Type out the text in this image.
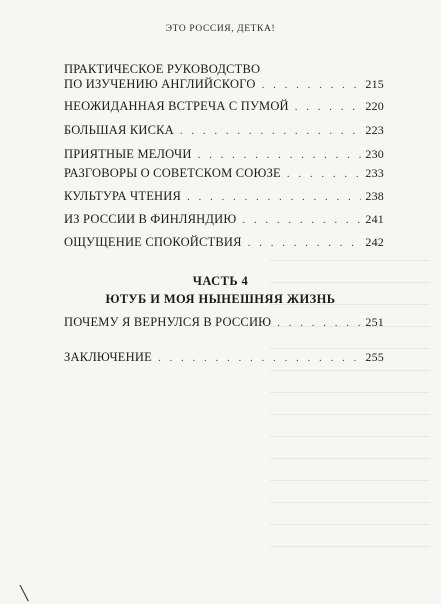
ЭТО РОССИЯ, ДЕТКА!
ПРАКТИЧЕСКОЕ РУКОВОДСТВО
ПО ИЗУЧЕНИЮ АНГЛИЙСКОГО . . .	215
НЕОЖИДАННАЯ ВСТРЕЧА С ПУМОЙ . . .	220
БОЛЬШАЯ КИСКА . . .	223
ПРИЯТНЫЕ МЕЛОЧИ . . .	230
РАЗГОВОРЫ О СОВЕТСКОМ СОЮЗЕ . . .	233
КУЛЬТУРА ЧТЕНИЯ . . .	238
ИЗ РОССИИ В ФИНЛЯНДИЮ . . .	241
ОЩУЩЕНИЕ СПОКОЙСТВИЯ . . .	242
ЧАСТЬ 4
ЮТУБ И МОЯ НЫНЕШНЯЯ ЖИЗНЬ
ПОЧЕМУ Я ВЕРНУЛСЯ В РОССИЮ . . .	251
ЗАКЛЮЧЕНИЕ . . .	255
╲
